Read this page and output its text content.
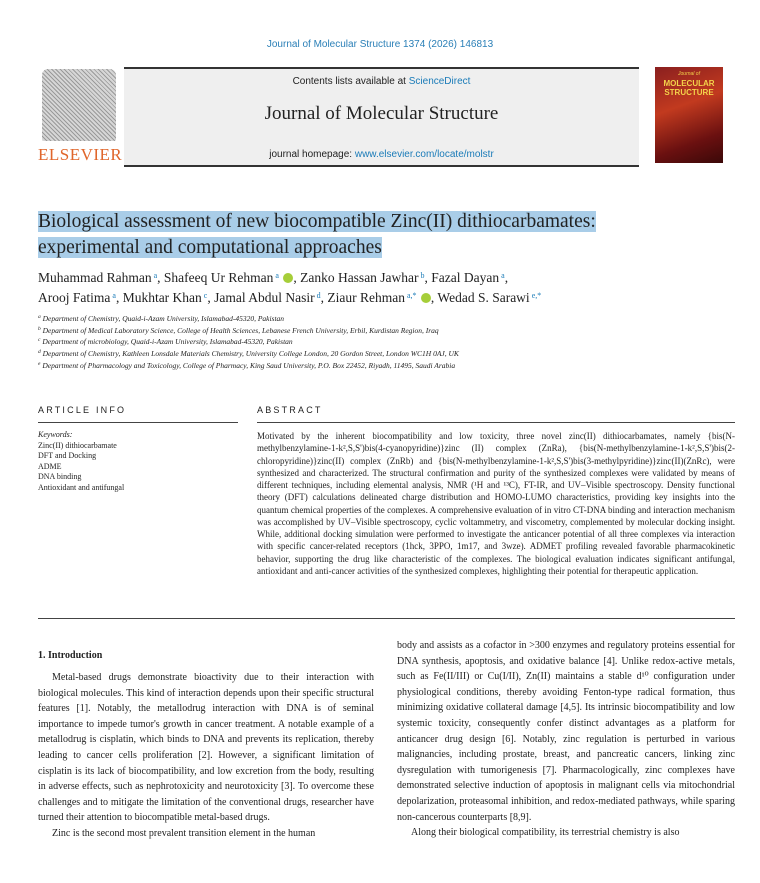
Journal of Molecular Structure 1374 (2026) 146813
ELSEVIER
Contents lists available at ScienceDirect
Journal of Molecular Structure
journal homepage: www.elsevier.com/locate/molstr
Journal of
MOLECULAR
STRUCTURE
Biological assessment of new biocompatible Zinc(II) dithiocarbamates:
experimental and computational approaches
Muhammad Rahman $^a$, Shafeeq Ur Rehman $^a$ , Zanko Hassan Jawhar $^b$, Fazal Dayan $^a$,
Arooj Fatima $^a$, Mukhtar Khan $^c$, Jamal Abdul Nasir $^d$, Ziaur Rehman $^{a,*}$ , Wedad S. Sarawi $^{e,*}$
$^a$ Department of Chemistry, Quaid-i-Azam University, Islamabad-45320, Pakistan
$^b$ Department of Medical Laboratory Science, College of Health Sciences, Lebanese French University, Erbil, Kurdistan Region, Iraq
$^c$ Department of microbiology, Quaid-i-Azam University, Islamabad-45320, Pakistan
$^d$ Department of Chemistry, Kathleen Lonsdale Materials Chemistry, University College London, 20 Gordon Street, London WC1H 0AJ, UK
$^e$ Department of Pharmacology and Toxicology, College of Pharmacy, King Saud University, P.O. Box 22452, Riyadh, 11495, Saudi Arabia
ARTICLE INFO	ABSTRACT
Keywords:
Zinc(II) dithiocarbamate
DFT and Docking
ADME
DNA binding
Antioxidant and antifungal
Motivated by the inherent biocompatibility and low toxicity, three novel zinc(II) dithiocarbamates, namely {bis(N-methylbenzylamine-1-k²,S,S')bis(4-cyanopyridine)}zinc (II) complex (ZnRa), {bis(N-methylbenzylamine-1-k²,S,S')bis(2-chloropyridine)}zinc(II) complex (ZnRb) and {bis(N-methylbenzylamine-1-k²,S,S')bis(3-methylpyridine)}zinc(II)(ZnRc), were synthesized and characterized. The structural confirmation and purity of the synthesized complexes were validated by means of different techniques, including elemental analysis, NMR (¹H and ¹³C), FT-IR, and UV–Visible spectroscopy. Density functional theory (DFT) calculations delineated charge distribution and HOMO-LUMO characteristics, providing key insights into the quantum chemical properties of the complexes. A comprehensive evaluation of in vitro CT-DNA binding and interaction mechanism was accomplished by UV–Visible spectroscopy, cyclic voltammetry, and viscometry, complemented by molecular docking insight. While, additional docking simulation were performed to investigate the anticancer potential of all three complexes via interaction with specific cancer-related receptors (1hck, 3PPO, 1m17, and 3wze). ADMET profiling revealed favorable pharmacokinetic behavior, supporting the drug like characteristic of the complexes. The biological evaluation indicates significant antifungal, antioxidant and anti-cancer activities of the synthesized complexes, highlighting their potential for therapeutic application.
1. Introduction

Metal-based drugs demonstrate bioactivity due to their interaction with biological molecules. This kind of interaction depends upon their specific structural features [1]. Notably, the metallodrug interaction with DNA is of seminal importance to impede tumor's growth in cancer treatment. A notable example of a metallodrug is cisplatin, which binds to DNA and prevents its replication, thereby leading to cancer cells proliferation [2]. However, a significant limitation of cisplatin is its lack of biocompatibility, and low excretion from the body, resulting in adverse effects, such as nephrotoxicity and neurotoxicity [3]. To overcome these challenges and to mitigate the limitation of the conventional drugs, researcher have turned their attention to biocompatible metal-based drugs.

Zinc is the second most prevalent transition element in the human

body and assists as a cofactor in >300 enzymes and regulatory proteins essential for DNA synthesis, apoptosis, and oxidative balance [4]. Unlike redox-active metals, such as Fe(II/III) or Cu(I/II), Zn(II) maintains a stable d¹⁰ configuration under physiological conditions, thereby avoiding Fenton-type radical formation, thus minimizing oxidative collateral damage [4,5]. Its intrinsic biocompatibility and low systemic toxicity, consequently confer distinct advantages as a platform for anticancer drug design [6]. Notably, zinc regulation is perturbed in various malignancies, including prostate, breast, and pancreatic cancers, linking zinc dysregulation with tumorigenesis [7]. Pharmacologically, zinc complexes have demonstrated selective induction of apoptosis in malignant cells via mitochondrial depolarization, proteasomal inhibition, and redox-mediated pathways, while sparing non-cancerous counterparts [8,9].

Along their biological compatibility, its terrestrial chemistry is also
